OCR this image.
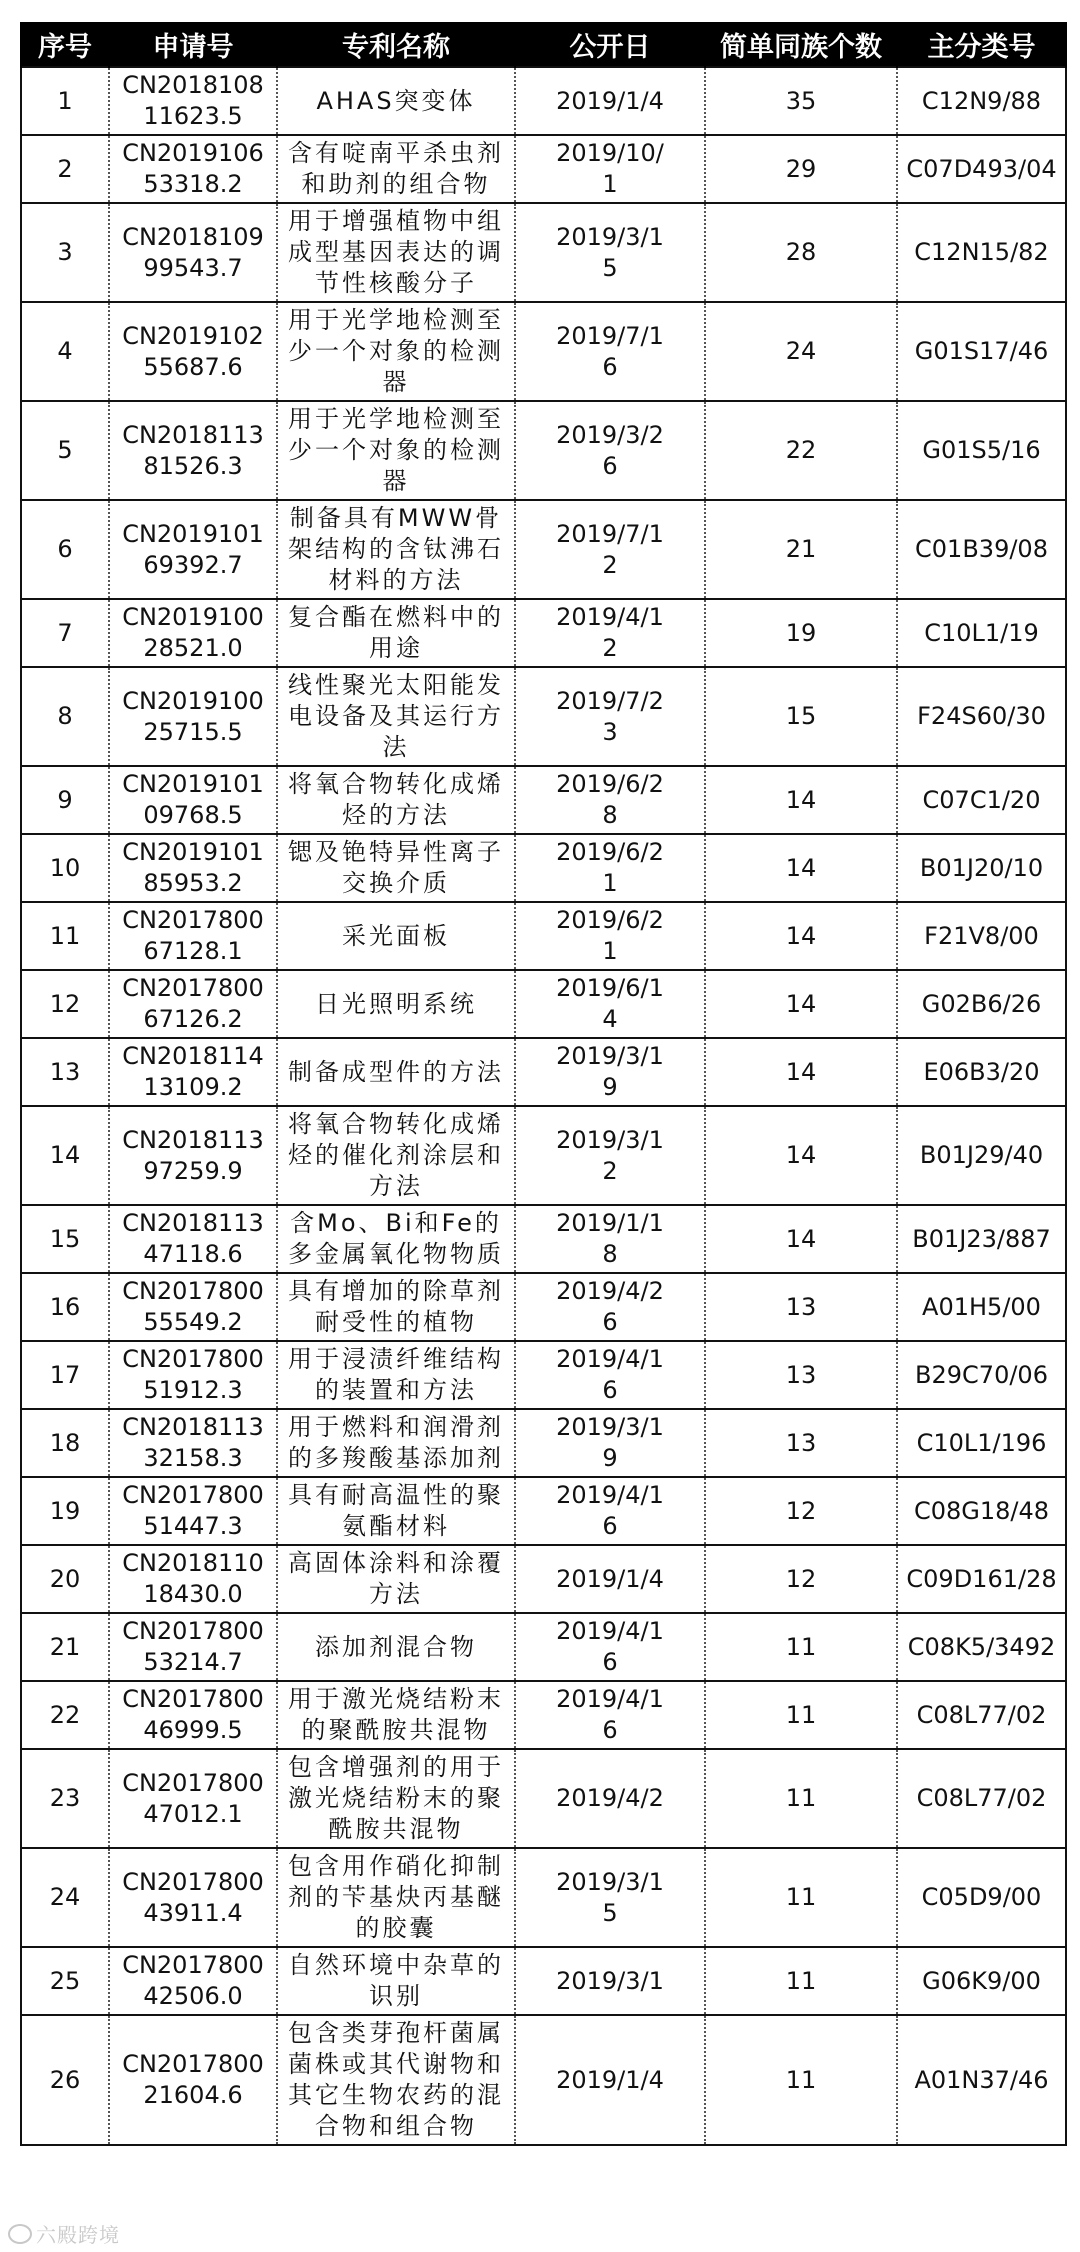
序号	申请号	专利名称	公开日	简单同族个数	主分类号
1	CN201810811623.5	AHAS突变体	2019/1/4	35	C12N9/88
2	CN201910653318.2	含有啶南平杀虫剂和助剂的组合物	2019/10/1	29	C07D493/04
3	CN201810999543.7	用于增强植物中组成型基因表达的调节性核酸分子	2019/3/15	28	C12N15/82
4	CN201910255687.6	用于光学地检测至少一个对象的检测器	2019/7/16	24	G01S17/46
5	CN201811381526.3	用于光学地检测至少一个对象的检测器	2019/3/26	22	G01S5/16
6	CN201910169392.7	制备具有MWW骨架结构的含钛沸石材料的方法	2019/7/12	21	C01B39/08
7	CN201910028521.0	复合酯在燃料中的用途	2019/4/12	19	C10L1/19
8	CN201910025715.5	线性聚光太阳能发电设备及其运行方法	2019/7/23	15	F24S60/30
9	CN201910109768.5	将氧合物转化成烯烃的方法	2019/6/28	14	C07C1/20
10	CN201910185953.2	锶及铯特异性离子交换介质	2019/6/21	14	B01J20/10
11	CN201780067128.1	采光面板	2019/6/21	14	F21V8/00
12	CN201780067126.2	日光照明系统	2019/6/14	14	G02B6/26
13	CN201811413109.2	制备成型件的方法	2019/3/19	14	E06B3/20
14	CN201811397259.9	将氧合物转化成烯烃的催化剂涂层和方法	2019/3/12	14	B01J29/40
15	CN201811347118.6	含Mo、Bi和Fe的多金属氧化物物质	2019/1/18	14	B01J23/887
16	CN201780055549.2	具有增加的除草剂耐受性的植物	2019/4/26	13	A01H5/00
17	CN201780051912.3	用于浸渍纤维结构的装置和方法	2019/4/16	13	B29C70/06
18	CN201811332158.3	用于燃料和润滑剂的多羧酸基添加剂	2019/3/19	13	C10L1/196
19	CN201780051447.3	具有耐高温性的聚氨酯材料	2019/4/16	12	C08G18/48
20	CN201811018430.0	高固体涂料和涂覆方法	2019/1/4	12	C09D161/28
21	CN201780053214.7	添加剂混合物	2019/4/16	11	C08K5/3492
22	CN201780046999.5	用于激光烧结粉末的聚酰胺共混物	2019/4/16	11	C08L77/02
23	CN201780047012.1	包含增强剂的用于激光烧结粉末的聚酰胺共混物	2019/4/2	11	C08L77/02
24	CN201780043911.4	包含用作硝化抑制剂的苄基炔丙基醚的胶囊	2019/3/15	11	C05D9/00
25	CN201780042506.0	自然环境中杂草的识别	2019/3/1	11	G06K9/00
26	CN201780021604.6	包含类芽孢杆菌属菌株或其代谢物和其它生物农药的混合物和组合物	2019/1/4	11	A01N37/46
六殿跨境
